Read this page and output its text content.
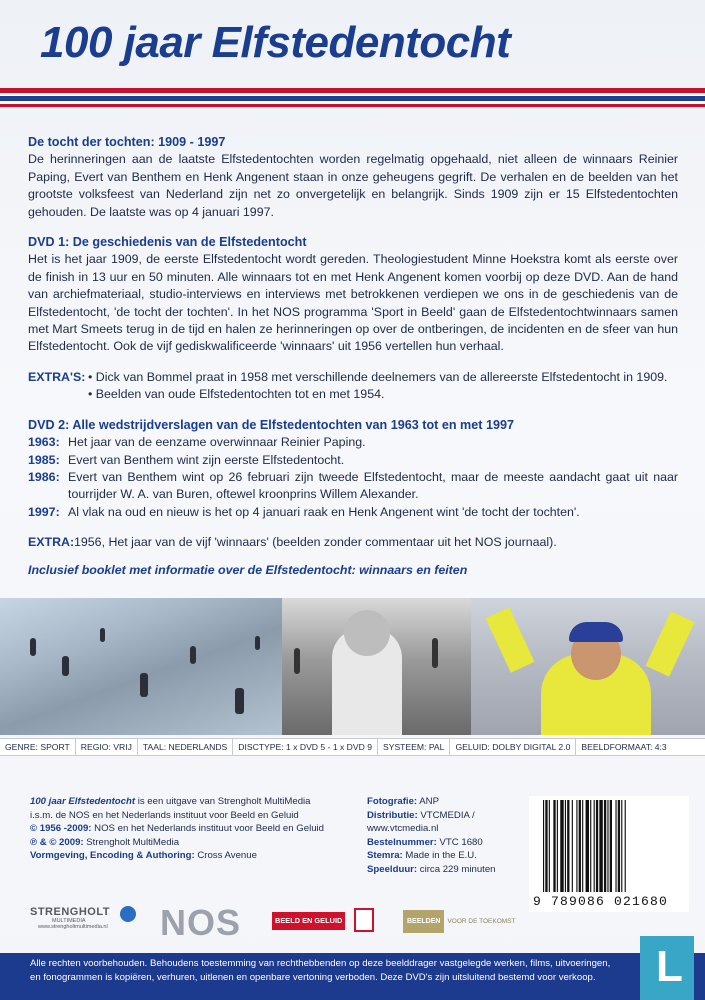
100 jaar Elfstedentocht
De tocht der tochten: 1909 - 1997

De herinneringen aan de laatste Elfstedentochten worden regelmatig opgehaald, niet alleen de winnaars Reinier Paping, Evert van Benthem en Henk Angenent staan in onze geheugens gegrift. De verhalen en de beelden van het grootste volksfeest van Nederland zijn net zo onvergetelijk en belangrijk. Sinds 1909 zijn er 15 Elfstedentochten gehouden. De laatste was op 4 januari 1997.

DVD 1: De geschiedenis van de Elfstedentocht

Het is het jaar 1909, de eerste Elfstedentocht wordt gereden. Theologiestudent Minne Hoekstra komt als eerste over de finish in 13 uur en 50 minuten. Alle winnaars tot en met Henk Angenent komen voorbij op deze DVD. Aan de hand van archiefmateriaal, studio-interviews en interviews met betrokkenen verdiepen we ons in de geschiedenis van de Elfstedentocht, 'de tocht der tochten'. In het NOS programma 'Sport in Beeld' gaan de Elfstedentochtwinnaars samen met Mart Smeets terug in de tijd en halen ze herinneringen op over de ontberingen, de incidenten en de sfeer van hun Elfstedentocht. Ook de vijf gediskwalificeerde 'winnaars' uit 1956 vertellen hun verhaal.

EXTRA'S:
• Dick van Bommel praat in 1958 met verschillende deelnemers van de allereerste Elfstedentocht in 1909.
• Beelden van oude Elfstedentochten tot en met 1954.
DVD 2: Alle wedstrijdverslagen van de Elfstedentochten van 1963 tot en met 1997
1963: Het jaar van de eenzame overwinnaar Reinier Paping.
1985: Evert van Benthem wint zijn eerste Elfstedentocht.
1986: Evert van Benthem wint op 26 februari zijn tweede Elfstedentocht, maar de meeste aandacht gaat uit naar tourrijder W. A. van Buren, oftewel kroonprins Willem Alexander.
1997: Al vlak na oud en nieuw is het op 4 januari raak en Henk Angenent wint 'de tocht der tochten'.
EXTRA: 1956, Het jaar van de vijf 'winnaars' (beelden zonder commentaar uit het NOS journaal).
Inclusief booklet met informatie over de Elfstedentocht: winnaars en feiten
GENRE: SPORT	REGIO: VRIJ	TAAL: NEDERLANDS	DISCTYPE: 1 x DVD 5 - 1 x DVD 9	SYSTEEM: PAL	GELUID: DOLBY DIGITAL 2.0	BEELDFORMAAT: 4:3
100 jaar Elfstedentocht is een uitgave van Strengholt MultiMedia
i.s.m. de NOS en het Nederlands instituut voor Beeld en Geluid
© 1956 -2009: NOS en het Nederlands instituut voor Beeld en Geluid
℗ & © 2009: Strengholt MultiMedia
Vormgeving, Encoding & Authoring: Cross Avenue
Fotografie: ANP
Distributie: VTCMEDIA / www.vtcmedia.nl
Bestelnummer: VTC 1680
Stemra: Made in the E.U.
Speelduur: circa 229 minuten
9 789086 021680
STRENGHOLT
MULTIMEDIA
www.strengholtmultimedia.nl	NOS	BEELD EN GELUID	BEELDEN	VOOR DE TOEKOMST

Alle rechten voorbehouden. Behoudens toestemming van rechthebbenden op deze beelddrager vastgelegde werken, films, uitvoeringen, en fonogrammen is kopiëren, verhuren, uitlenen en openbare vertoning verboden. Deze DVD's zijn uitsluitend bestemd voor verkoop.	L
